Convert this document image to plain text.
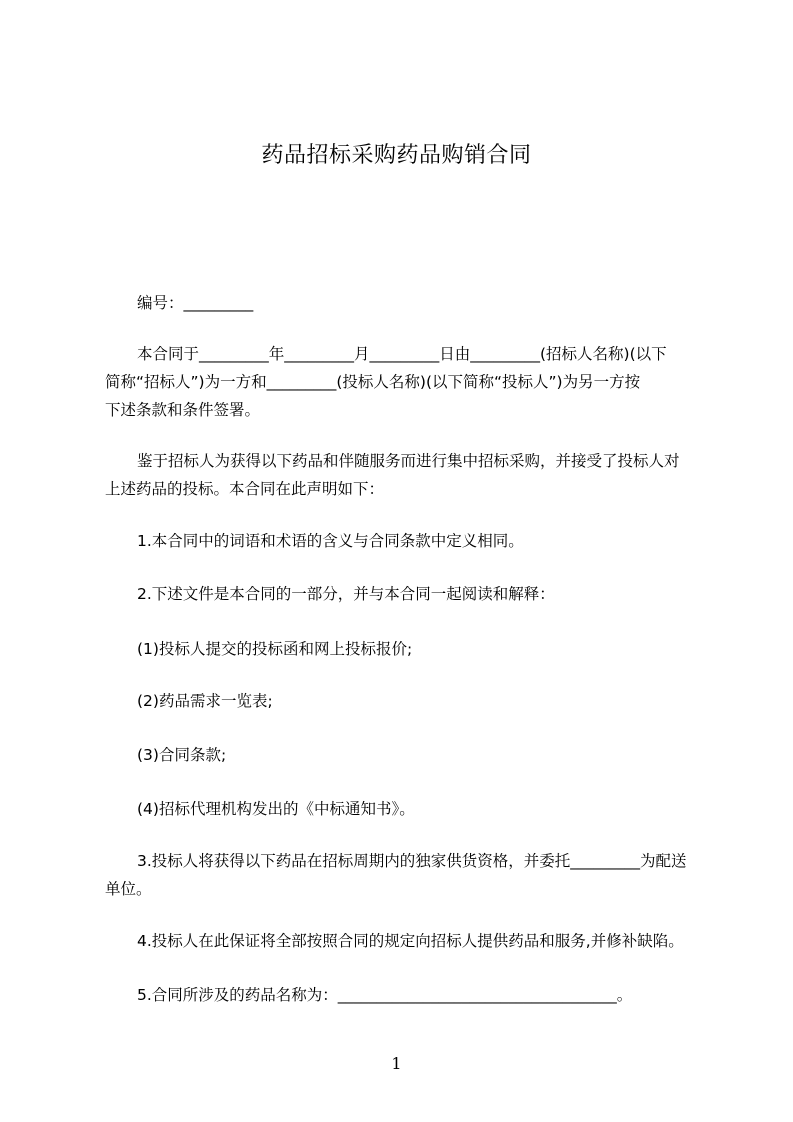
药品招标采购药品购销合同
编号：_________
本合同于_________年_________月_________日由_________(招标人名称)(以下
简称“招标人”)为一方和_________(投标人名称)(以下简称“投标人”)为另一方按
下述条款和条件签署。
鉴于招标人为获得以下药品和伴随服务而进行集中招标采购，并接受了投标人对
上述药品的投标。本合同在此声明如下：
1.本合同中的词语和术语的含义与合同条款中定义相同。
2.下述文件是本合同的一部分，并与本合同一起阅读和解释：
(1)投标人提交的投标函和网上投标报价;
(2)药品需求一览表;
(3)合同条款;
(4)招标代理机构发出的《中标通知书》。
3.投标人将获得以下药品在招标周期内的独家供货资格，并委托_________为配送
单位。
4.投标人在此保证将全部按照合同的规定向招标人提供药品和服务,并修补缺陷。
5.合同所涉及的药品名称为：____________________________________。
1
